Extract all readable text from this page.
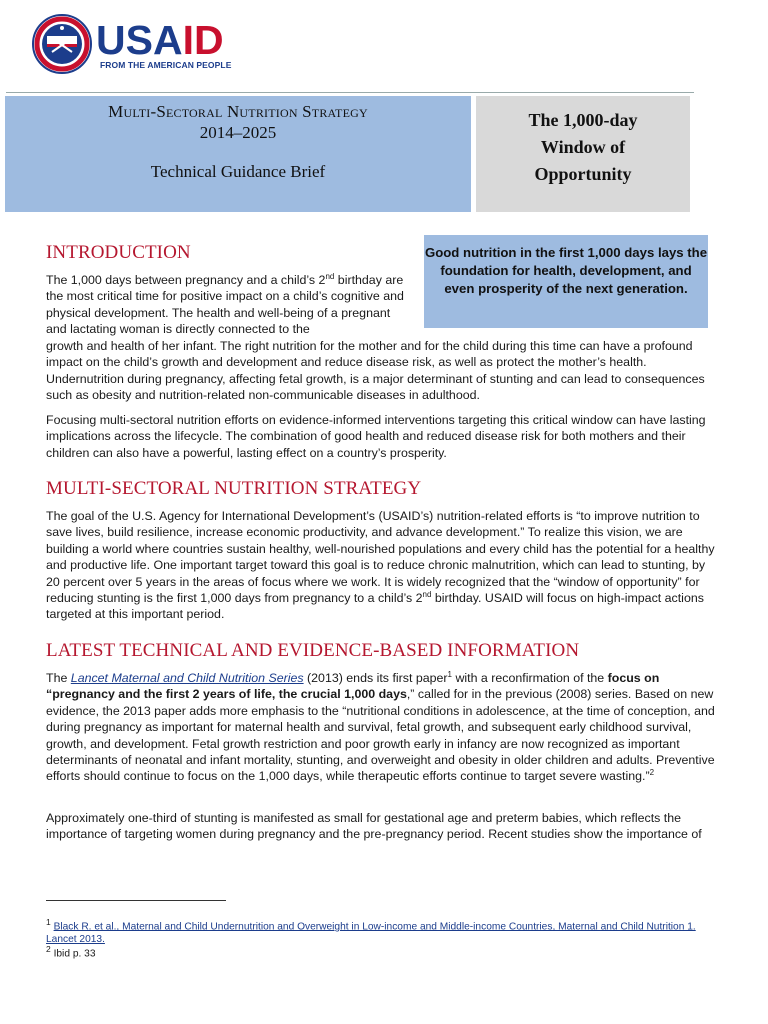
USAID
FROM THE AMERICAN PEOPLE
Multi-Sectoral Nutrition Strategy
2014–2025
Technical Guidance Brief
The 1,000-day
Window of
Opportunity
INTRODUCTION	Good nutrition in the first 1,000 days lays the foundation for health, development, and even prosperity of the next generation.

The 1,000 days between pregnancy and a child’s 2nd birthday are the most critical time for positive impact on a child’s cognitive and physical development. The health and well-being of a pregnant and lactating woman is directly connected to the

growth and health of her infant. The right nutrition for the mother and for the child during this time can have a profound impact on the child’s growth and development and reduce disease risk, as well as protect the mother’s health. Undernutrition during pregnancy, affecting fetal growth, is a major determinant of stunting and can lead to consequences such as obesity and nutrition-related non-communicable diseases in adulthood.

Focusing multi-sectoral nutrition efforts on evidence-informed interventions targeting this critical window can have lasting implications across the lifecycle. The combination of good health and reduced disease risk for both mothers and their children can also have a powerful, lasting effect on a country’s prosperity.

MULTI-SECTORAL NUTRITION STRATEGY

The goal of the U.S. Agency for International Development’s (USAID’s) nutrition-related efforts is “to improve nutrition to save lives, build resilience, increase economic productivity, and advance development.” To realize this vision, we are building a world where countries sustain healthy, well-nourished populations and every child has the potential for a healthy and productive life. One important target toward this goal is to reduce chronic malnutrition, which can lead to stunting, by 20 percent over 5 years in the areas of focus where we work. It is widely recognized that the “window of opportunity” for reducing stunting is the first 1,000 days from pregnancy to a child’s 2nd birthday. USAID will focus on high-impact actions targeted at this important period.

LATEST TECHNICAL AND EVIDENCE-BASED INFORMATION

The Lancet Maternal and Child Nutrition Series (2013) ends its first paper$^1$ with a reconfirmation of the focus on “pregnancy and the first 2 years of life, the crucial 1,000 days,” called for in the previous (2008) series. Based on new evidence, the 2013 paper adds more emphasis to the “nutritional conditions in adolescence, at the time of conception, and during pregnancy as important for maternal health and survival, fetal growth, and subsequent early childhood survival, growth, and development. Fetal growth restriction and poor growth early in infancy are now recognized as important determinants of neonatal and infant mortality, stunting, and overweight and obesity in older children and adults. Preventive efforts should continue to focus on the 1,000 days, while therapeutic efforts continue to target severe wasting.”$^2$

Approximately one-third of stunting is manifested as small for gestational age and preterm babies, which reflects the importance of targeting women during pregnancy and the pre-pregnancy period. Recent studies show the importance of

$^1$ Black R. et al., Maternal and Child Undernutrition and Overweight in Low-income and Middle-income Countries, Maternal and Child Nutrition 1. Lancet 2013.
$^2$ Ibid p. 33
